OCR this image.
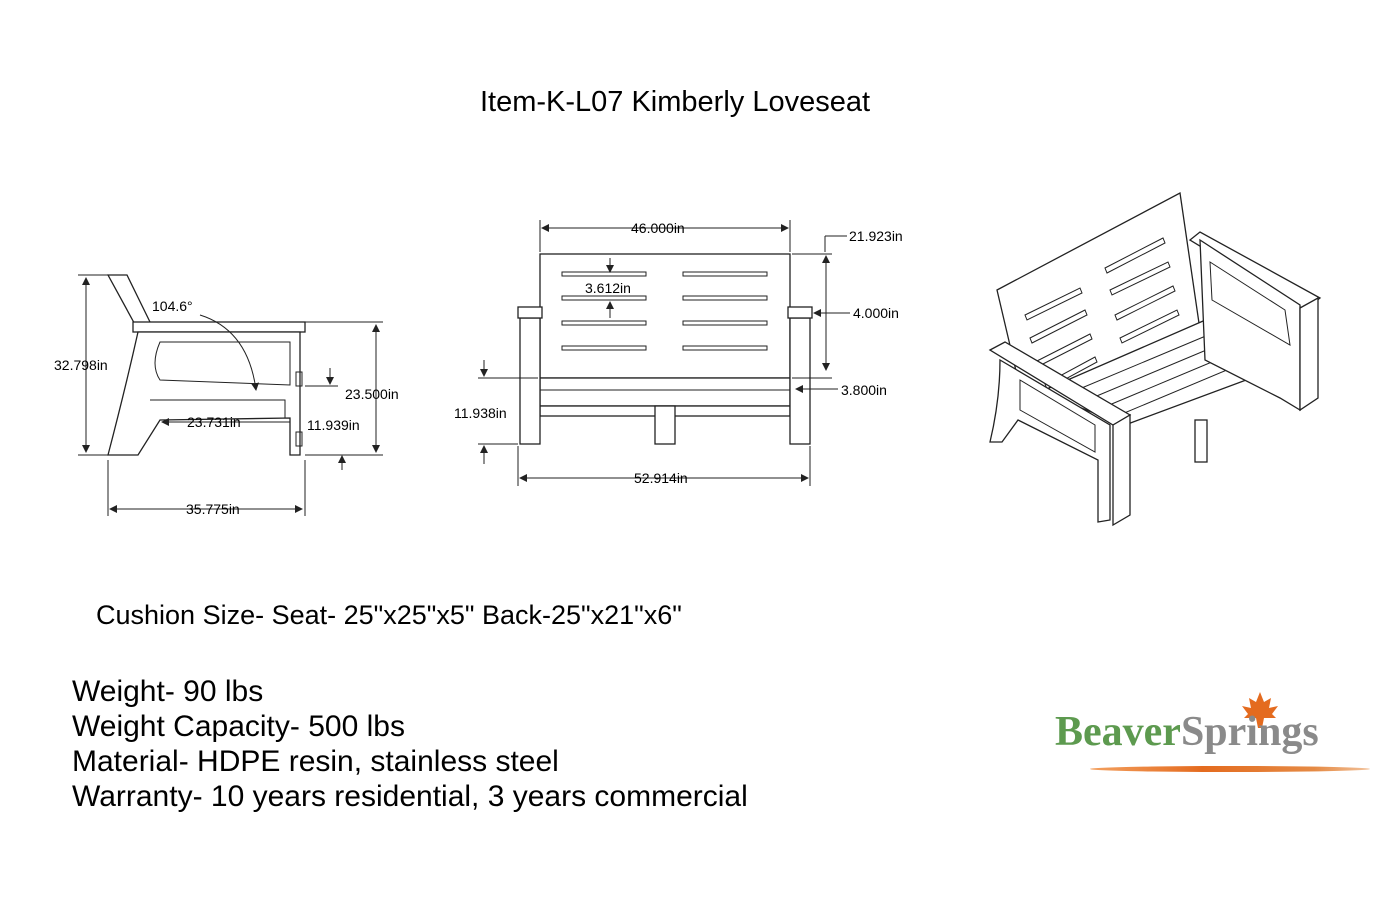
Item-K-L07 Kimberly Loveseat
104.6°
32.798in
23.731in	11.939in
23.500in
35.775in
46.000in
3.612in
21.923in
4.000in
3.800in
11.938in
52.914in
Cushion Size- Seat- 25"x25"x5" Back-25"x21"x6"
Weight- 90 lbs
Weight Capacity- 500 lbs
Material- HDPE resin, stainless steel
Warranty- 10 years residential, 3 years commercial
BeaverSprings
